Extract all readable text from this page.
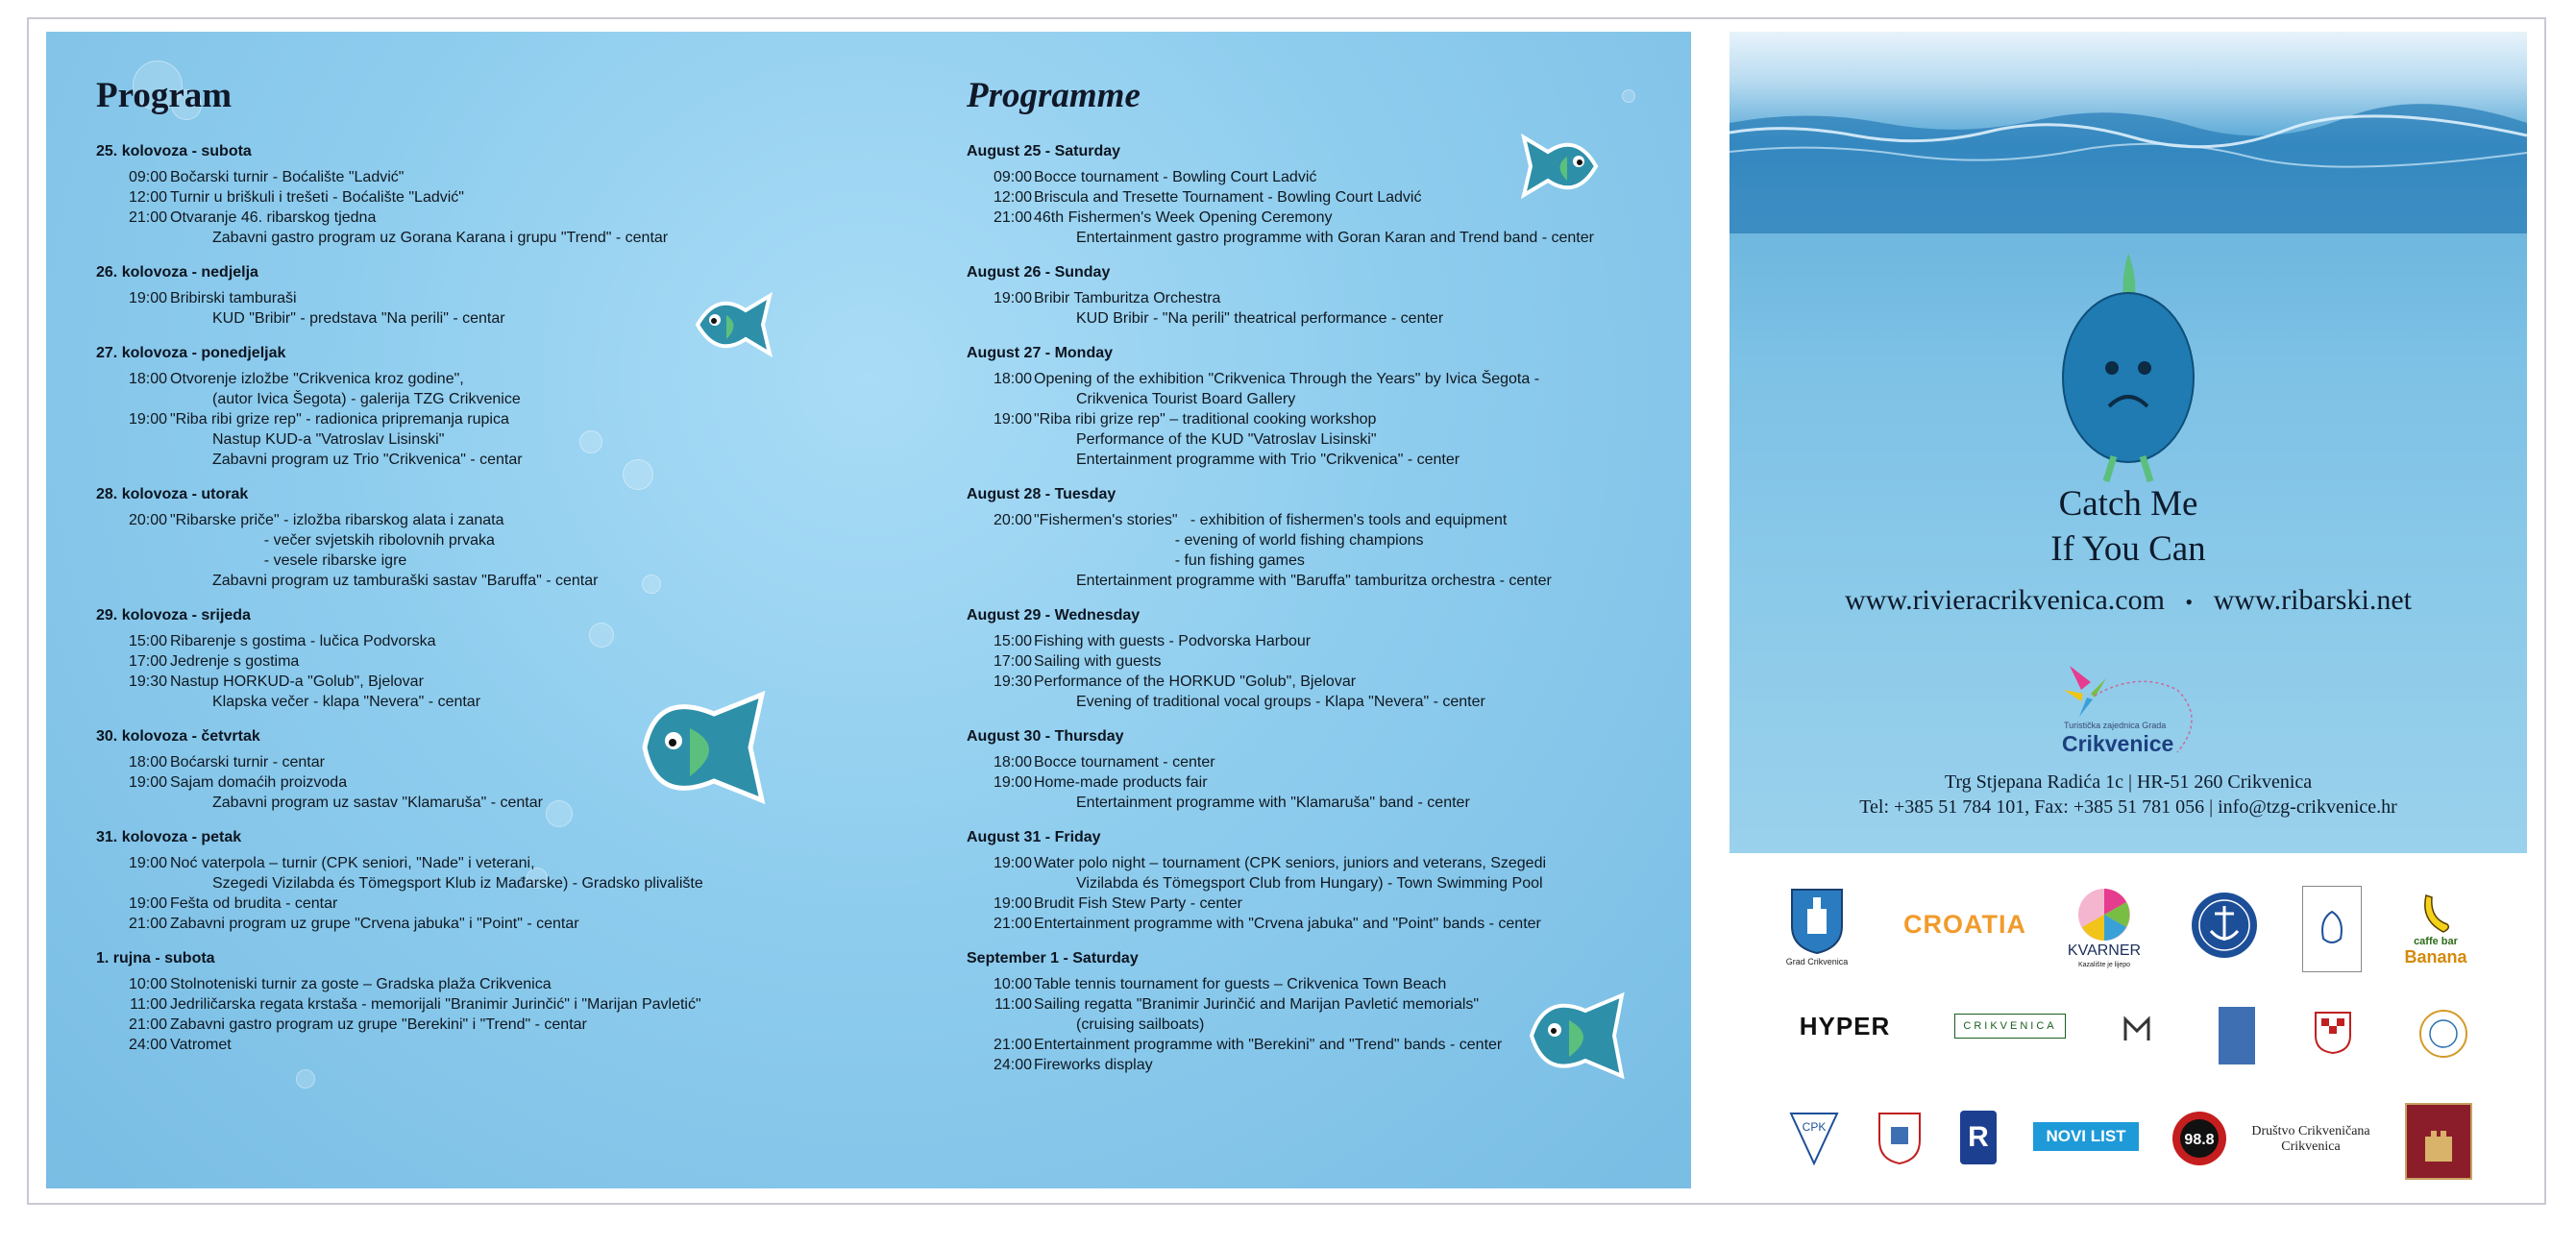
Program
25. kolovoza - subota
09:00 Bočarski turnir - Boćalište "Ladvić"
12:00 Turnir u briškuli i trešeti - Boćalište "Ladvić"
21:00 Otvaranje 46. ribarskog tjedna
Zabavni gastro program uz Gorana Karana i grupu "Trend" - centar
26. kolovoza - nedjelja
19:00 Bribirski tamburaši
KUD "Bribir" - predstava "Na perili" - centar
27. kolovoza - ponedjeljak
18:00 Otvorenje izložbe "Crikvenica kroz godine",
(autor Ivica Šegota) - galerija TZG Crikvenice
19:00 "Riba ribi grize rep" - radionica pripremanja rupica
Nastup KUD-a "Vatroslav Lisinski"
Zabavni program uz Trio "Crikvenica" - centar
28. kolovoza - utorak
20:00 "Ribarske priče" - izložba ribarskog alata i zanata
- večer svjetskih ribolovnih prvaka
- vesele ribarske igre
Zabavni program uz tamburaški sastav "Baruffa" - centar
29. kolovoza - srijeda
15:00 Ribarenje s gostima - lučica Podvorska
17:00 Jedrenje s gostima
19:30 Nastup HORKUD-a "Golub", Bjelovar
Klapska večer - klapa "Nevera" - centar
30. kolovoza - četvrtak
18:00 Boćarski turnir - centar
19:00 Sajam domaćih proizvoda
Zabavni program uz sastav "Klamaruša" - centar
31. kolovoza - petak
19:00 Noć vaterpola – turnir (CPK seniori, "Nade" i veterani,
Szegedi Vizilabda és Tömegsport Klub iz Mađarske) - Gradsko plivalište
19:00 Fešta od brudita - centar
21:00 Zabavni program uz grupe "Crvena jabuka" i "Point" - centar
1. rujna - subota
10:00 Stolnoteniski turnir za goste – Gradska plaža Crikvenica
11:00 Jedriličarska regata krstaša - memorijali "Branimir Jurinčić" i "Marijan Pavletić"
21:00 Zabavni gastro program uz grupe "Berekini" i "Trend" - centar
24:00 Vatromet
Programme
August 25 - Saturday
09:00 Bocce tournament - Bowling Court Ladvić
12:00 Briscula and Tresette Tournament - Bowling Court Ladvić
21:00 46th Fishermen's Week Opening Ceremony
Entertainment gastro programme with Goran Karan and Trend band - center
August 26 - Sunday
19:00 Bribir Tamburitza Orchestra
KUD Bribir - "Na perili" theatrical performance - center
August 27 - Monday
18:00 Opening of the exhibition "Crikvenica Through the Years" by Ivica Šegota -
Crikvenica Tourist Board Gallery
19:00 "Riba ribi grize rep" – traditional cooking workshop
Performance of the KUD "Vatroslav Lisinski"
Entertainment programme with Trio "Crikvenica" - center
August 28 - Tuesday
20:00 "Fishermen's stories"   - exhibition of fishermen's tools and equipment
- evening of world fishing champions
- fun fishing games
Entertainment programme with "Baruffa" tamburitza orchestra - center
August 29 - Wednesday
15:00 Fishing with guests - Podvorska Harbour
17:00 Sailing with guests
19:30 Performance of the HORKUD "Golub", Bjelovar
Evening of traditional vocal groups - Klapa "Nevera" - center
August 30 - Thursday
18:00 Bocce tournament - center
19:00 Home-made products fair
Entertainment programme with "Klamaruša" band - center
August 31 - Friday
19:00 Water polo night – tournament (CPK seniors, juniors and veterans, Szegedi
Vizilabda és Tömegsport Club from Hungary) - Town Swimming Pool
19:00 Brudit Fish Stew Party - center
21:00 Entertainment programme with "Crvena jabuka" and "Point" bands - center
September 1 - Saturday
10:00 Table tennis tournament for guests – Crikvenica Town Beach
11:00 Sailing regatta "Branimir Jurinčić and Marijan Pavletić memorials"
(cruising sailboats)
21:00 Entertainment programme with "Berekini" and "Trend" bands - center
24:00 Fireworks display
Catch Me
If You Can
www.rivieracrikvenica.com • www.ribarski.net
Turistička zajednica Grada
Crikvenice
Trg Stjepana Radića 1c | HR-51 260 Crikvenica
Tel: +385 51 784 101, Fax: +385 51 781 056 | info@tzg-crikvenice.hr
Grad Crikvenica
CROATIA
KVARNER
Kazalište je lijepo
caffe bar
Banana
HYPER	CRIKVENICA
CPK	R	NOVI LIST	98.8
Društvo Crikveničana Crikvenica
